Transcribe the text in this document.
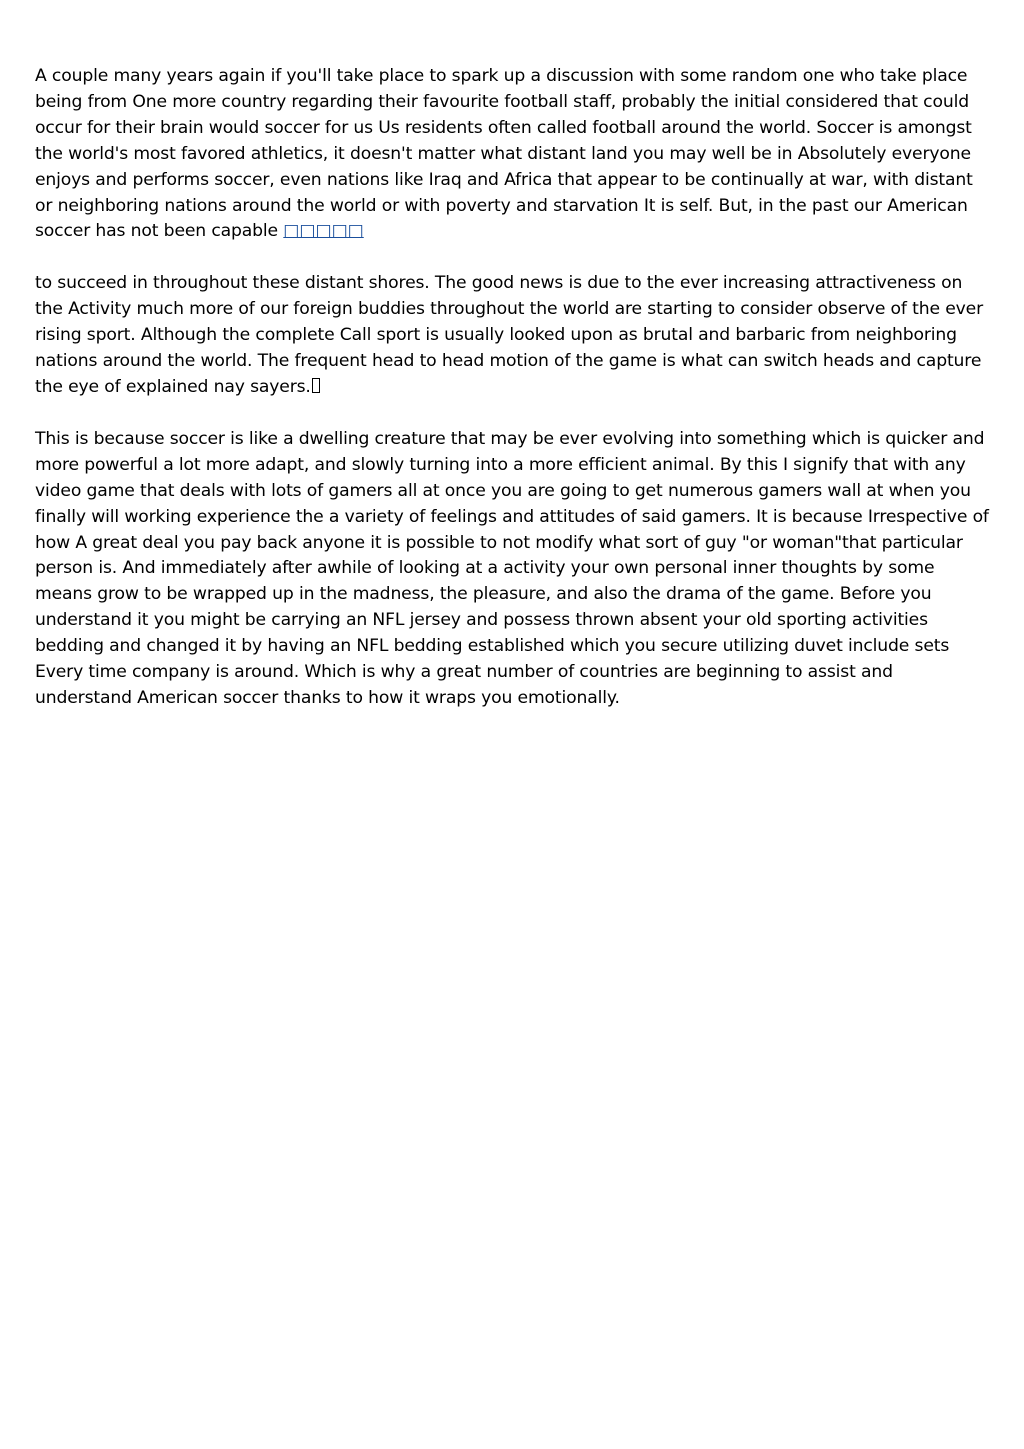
A couple many years again if you'll take place to spark up a discussion with some random one who take place being from One more country regarding their favourite football staff, probably the initial considered that could occur for their brain would soccer for us Us residents often called football around the world. Soccer is amongst the world's most favored athletics, it doesn't matter what distant land you may well be in Absolutely everyone enjoys and performs soccer, even nations like Iraq and Africa that appear to be continually at war, with distant or neighboring nations around the world or with poverty and starvation It is self. But, in the past our American soccer has not been capable □□□□□

to succeed in throughout these distant shores. The good news is due to the ever increasing attractiveness on the Activity much more of our foreign buddies throughout the world are starting to consider observe of the ever rising sport. Although the complete Call sport is usually looked upon as brutal and barbaric from neighboring nations around the world. The frequent head to head motion of the game is what can switch heads and capture the eye of explained nay sayers.

This is because soccer is like a dwelling creature that may be ever evolving into something which is quicker and more powerful a lot more adapt, and slowly turning into a more efficient animal. By this I signify that with any video game that deals with lots of gamers all at once you are going to get numerous gamers wall at when you finally will working experience the a variety of feelings and attitudes of said gamers. It is because Irrespective of how A great deal you pay back anyone it is possible to not modify what sort of guy "or woman"that particular person is. And immediately after awhile of looking at a activity your own personal inner thoughts by some means grow to be wrapped up in the madness, the pleasure, and also the drama of the game. Before you understand it you might be carrying an NFL jersey and possess thrown absent your old sporting activities bedding and changed it by having an NFL bedding established which you secure utilizing duvet include sets Every time company is around. Which is why a great number of countries are beginning to assist and understand American soccer thanks to how it wraps you emotionally.
